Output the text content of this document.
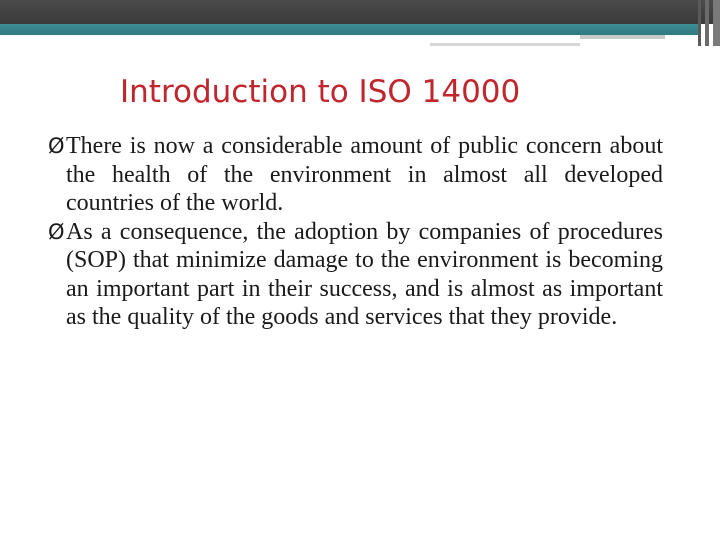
Introduction to ISO 14000
Ø There is now a considerable amount of public concern about the health of the environment in almost all developed countries of the world.
Ø As a consequence, the adoption by companies of procedures (SOP) that minimize damage to the environment is becoming an important part in their success, and is almost as important as the quality of the goods and services that they provide.
